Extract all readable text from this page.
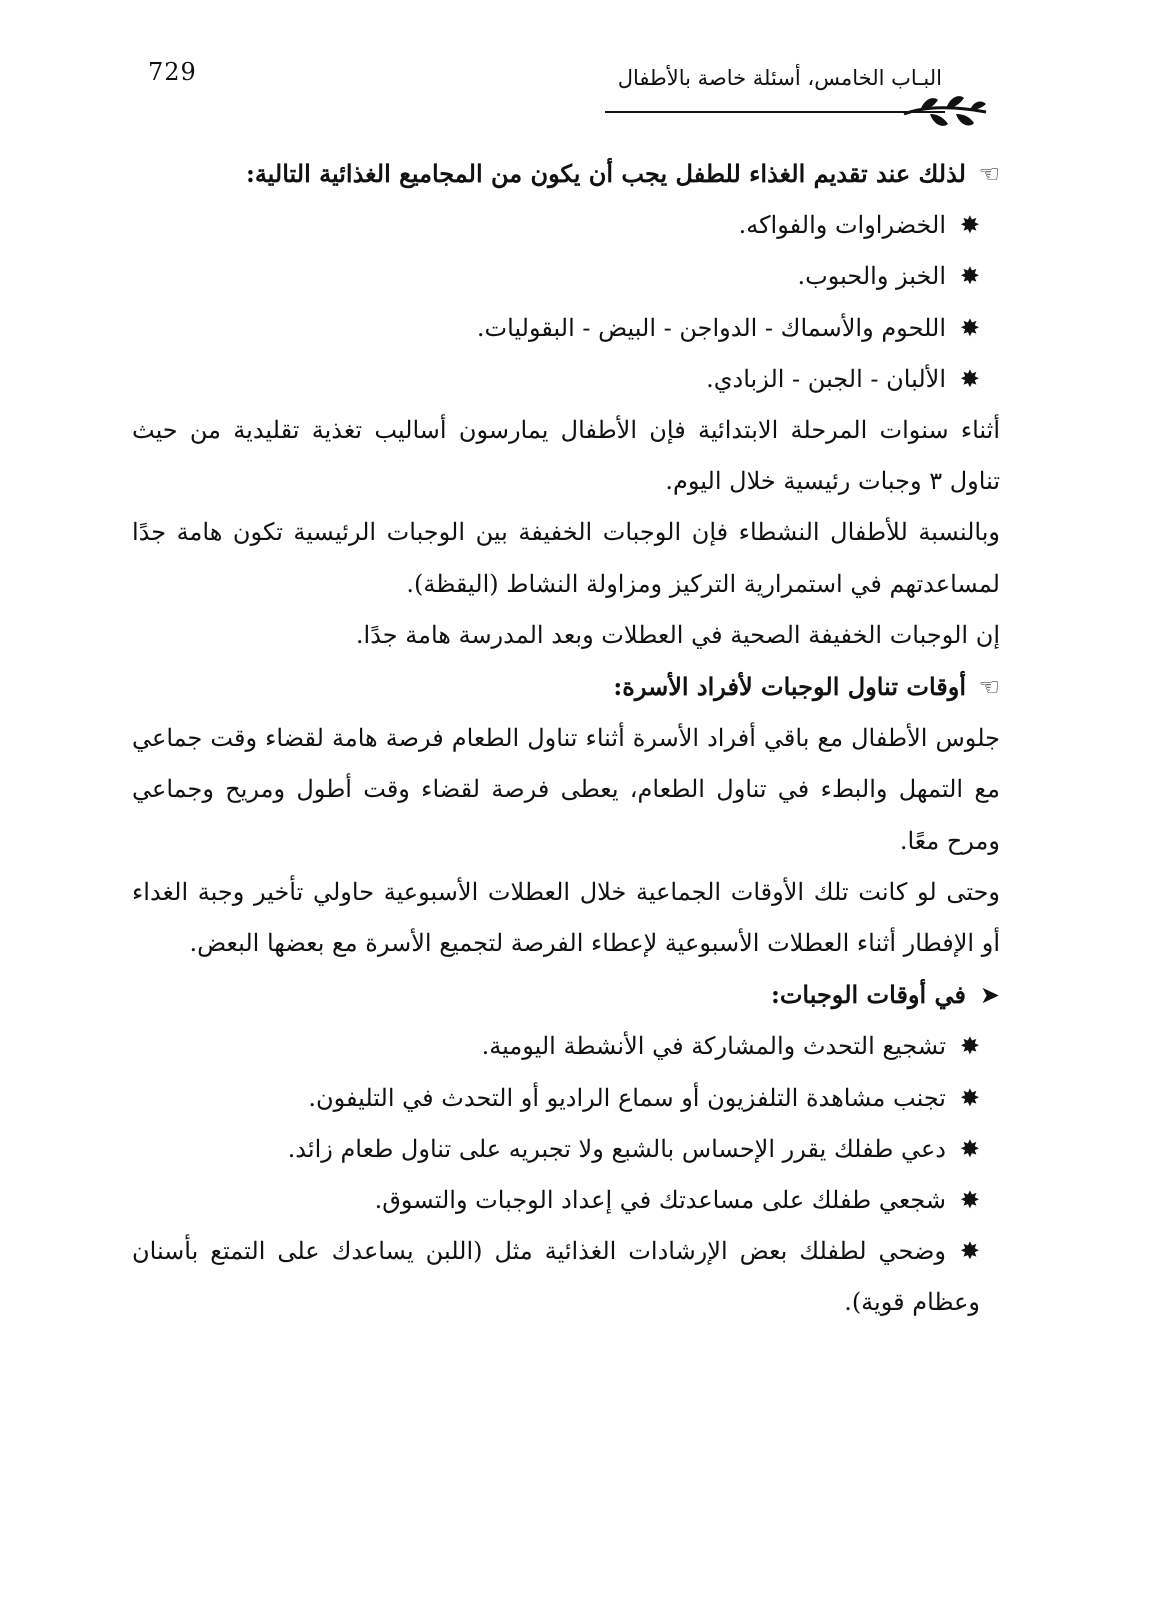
729	البـاب الخامس، أسئلة خاصة بالأطفال

☜لذلك عند تقديم الغذاء للطفل يجب أن يكون من المجاميع الغذائية التالية:

✸الخضراوات والفواكه.

✸الخبز والحبوب.

✸اللحوم والأسماك - الدواجن - البيض - البقوليات.

✸الألبان - الجبن - الزبادي.

أثناء سنوات المرحلة الابتدائية فإن الأطفال يمارسون أساليب تغذية تقليدية من حيث تناول ٣ وجبات رئيسية خلال اليوم.

وبالنسبة للأطفال النشطاء فإن الوجبات الخفيفة بين الوجبات الرئيسية تكون هامة جدًا لمساعدتهم في استمرارية التركيز ومزاولة النشاط (اليقظة).

إن الوجبات الخفيفة الصحية في العطلات وبعد المدرسة هامة جدًا.

☜أوقات تناول الوجبات لأفراد الأسرة:

جلوس الأطفال مع باقي أفراد الأسرة أثناء تناول الطعام فرصة هامة لقضاء وقت جماعي مع التمهل والبطء في تناول الطعام، يعطى فرصة لقضاء وقت أطول ومريح وجماعي ومرح معًا.

وحتى لو كانت تلك الأوقات الجماعية خلال العطلات الأسبوعية حاولي تأخير وجبة الغداء أو الإفطار أثناء العطلات الأسبوعية لإعطاء الفرصة لتجميع الأسرة مع بعضها البعض.

➤في أوقات الوجبات:

✸تشجيع التحدث والمشاركة في الأنشطة اليومية.

✸تجنب مشاهدة التلفزيون أو سماع الراديو أو التحدث في التليفون.

✸دعي طفلك يقرر الإحساس بالشبع ولا تجبريه على تناول طعام زائد.

✸شجعي طفلك على مساعدتك في إعداد الوجبات والتسوق.

✸وضحي لطفلك بعض الإرشادات الغذائية مثل (اللبن يساعدك على التمتع بأسنان وعظام قوية).
